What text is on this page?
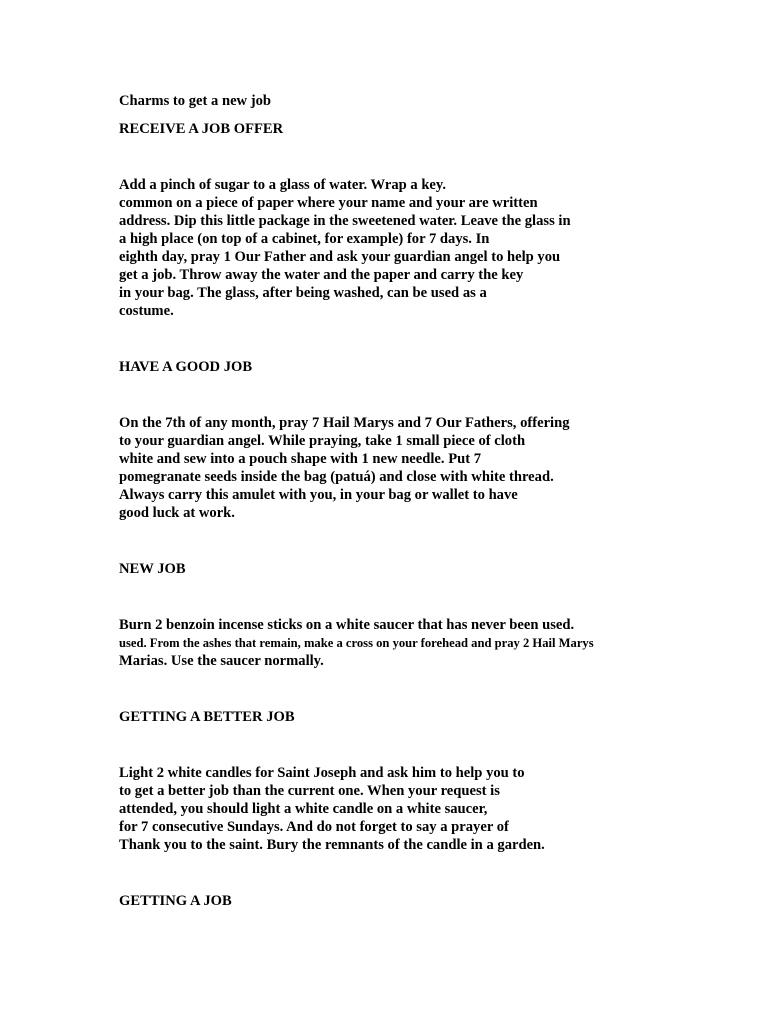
Charms to get a new job

RECEIVE A JOB OFFER

Add a pinch of sugar to a glass of water. Wrap a key.

common on a piece of paper where your name and your are written

address. Dip this little package in the sweetened water. Leave the glass in

a high place (on top of a cabinet, for example) for 7 days. In

eighth day, pray 1 Our Father and ask your guardian angel to help you

get a job. Throw away the water and the paper and carry the key

in your bag. The glass, after being washed, can be used as a

costume.

HAVE A GOOD JOB

On the 7th of any month, pray 7 Hail Marys and 7 Our Fathers, offering

to your guardian angel. While praying, take 1 small piece of cloth

white and sew into a pouch shape with 1 new needle. Put 7

pomegranate seeds inside the bag (patuá) and close with white thread.

Always carry this amulet with you, in your bag or wallet to have

good luck at work.

NEW JOB

Burn 2 benzoin incense sticks on a white saucer that has never been used.

used. From the ashes that remain, make a cross on your forehead and pray 2 Hail Marys

Marias. Use the saucer normally.

GETTING A BETTER JOB

Light 2 white candles for Saint Joseph and ask him to help you to

to get a better job than the current one. When your request is

attended, you should light a white candle on a white saucer,

for 7 consecutive Sundays. And do not forget to say a prayer of

Thank you to the saint. Bury the remnants of the candle in a garden.

GETTING A JOB
